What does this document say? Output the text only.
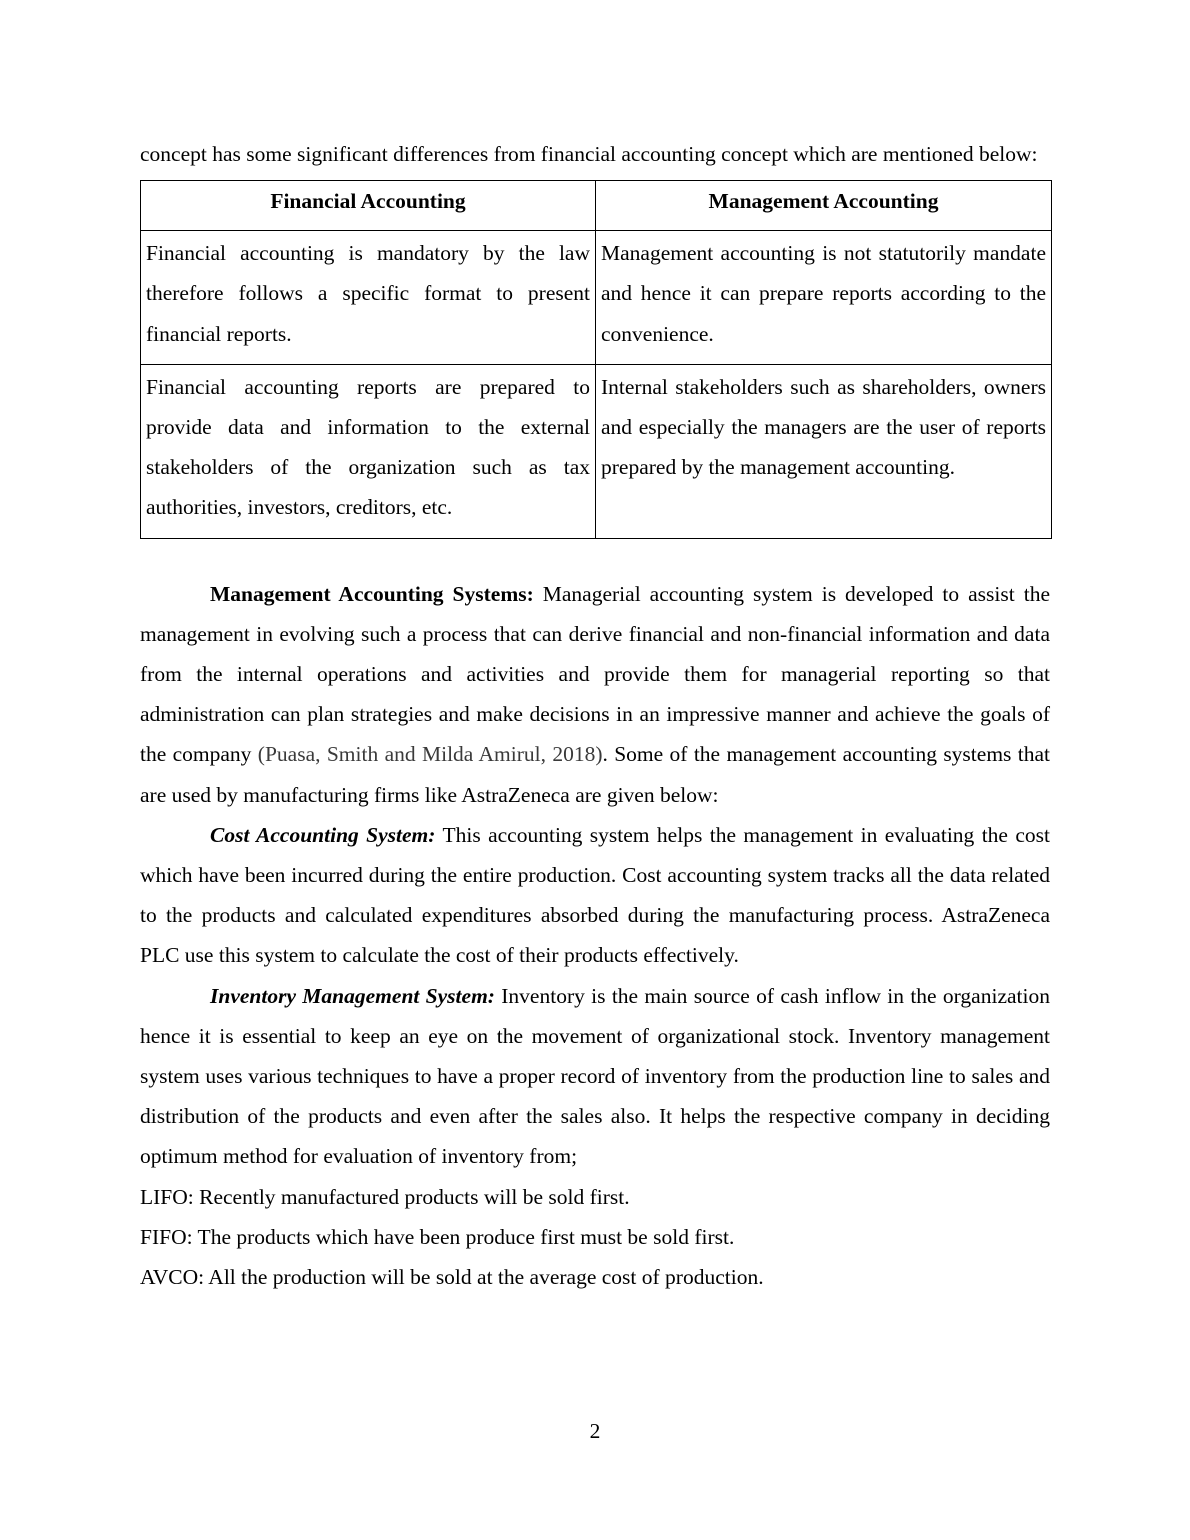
concept has some significant differences from financial accounting concept which are mentioned below:

Financial Accounting	Management Accounting
Financial accounting is mandatory by the law therefore follows a specific format to present financial reports.	Management accounting is not statutorily mandate and hence it can prepare reports according to the convenience.
Financial accounting reports are prepared to provide data and information to the external stakeholders of the organization such as tax authorities, investors, creditors, etc.	Internal stakeholders such as shareholders, owners and especially the managers are the user of reports prepared by the management accounting.

Management Accounting Systems: Managerial accounting system is developed to assist the management in evolving such a process that can derive financial and non-financial information and data from the internal operations and activities and provide them for managerial reporting so that administration can plan strategies and make decisions in an impressive manner and achieve the goals of the company (Puasa, Smith and Milda Amirul, 2018). Some of the management accounting systems that are used by manufacturing firms like AstraZeneca are given below:

Cost Accounting System: This accounting system helps the management in evaluating the cost which have been incurred during the entire production. Cost accounting system tracks all the data related to the products and calculated expenditures absorbed during the manufacturing process. AstraZeneca PLC use this system to calculate the cost of their products effectively.

Inventory Management System: Inventory is the main source of cash inflow in the organization hence it is essential to keep an eye on the movement of organizational stock. Inventory management system uses various techniques to have a proper record of inventory from the production line to sales and distribution of the products and even after the sales also. It helps the respective company in deciding optimum method for evaluation of inventory from;

LIFO: Recently manufactured products will be sold first.

FIFO: The products which have been produce first must be sold first.

AVCO: All the production will be sold at the average cost of production.

2
